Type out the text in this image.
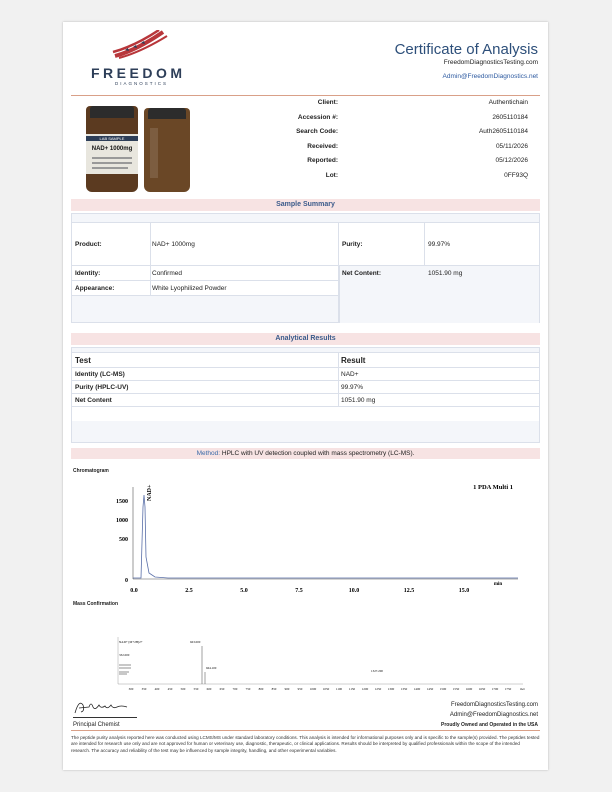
FREEDOM
DIAGNOSTICS
Certificate of Analysis
FreedomDiagnosticsTesting.com
Admin@FreedomDiagnostics.net
LAB SAMPLE
NAD+ 1000mg
Client:	Authentichain
Accession #:	2605110184
Search Code:	Auth2605110184
Received:	05/11/2026
Reported:	05/12/2026
Lot:	0FF93Q
Sample Summary
Product:	NAD+ 1000mg	Purity:	99.97%
Identity:	Confirmed	Net Content:	1051.90 mg
Appearance:	White Lyophilized Powder
Analytical Results
Test	Result
Identity (LC-MS)	NAD+
Purity (HPLC-UV)	99.97%
Net Content	1051.90 mg
Method: HPLC with UV detection coupled with mass spectrometry (LC-MS).
Chromatogram
1 PDA Multi 1
NAD+
1500
1000
500
0
0.0	2.5	5.0	7.5	10.0	12.5	15.0
min
Mass Confirmation
NAD+ [M+2H]2+	663.000
332.000
664.100
1327.200
300	350	400	450	500	550	600	650	700	750	800	850	900	950 1000 1050 1100 1150 1200 1250 1300 1350 1400 1450 1500 1550 1600 1650 1700 1750	m/z
Principal Chemist
FreedomDiagnosticsTesting.com
Admin@FreedomDiagnostics.net
Proudly Owned and Operated in the USA
The peptide purity analysis reported here was conducted using LCMS/MS under standard laboratory conditions. This analysis is intended for informational purposes only and is specific to the sample(s) provided. The peptides tested are intended for research use only and are not approved for human or veterinary use, diagnostic, therapeutic, or clinical applications. Results should be interpreted by qualified professionals within the scope of the intended research. The accuracy and reliability of the test may be influenced by sample integrity, handling, and other experimental variables.
